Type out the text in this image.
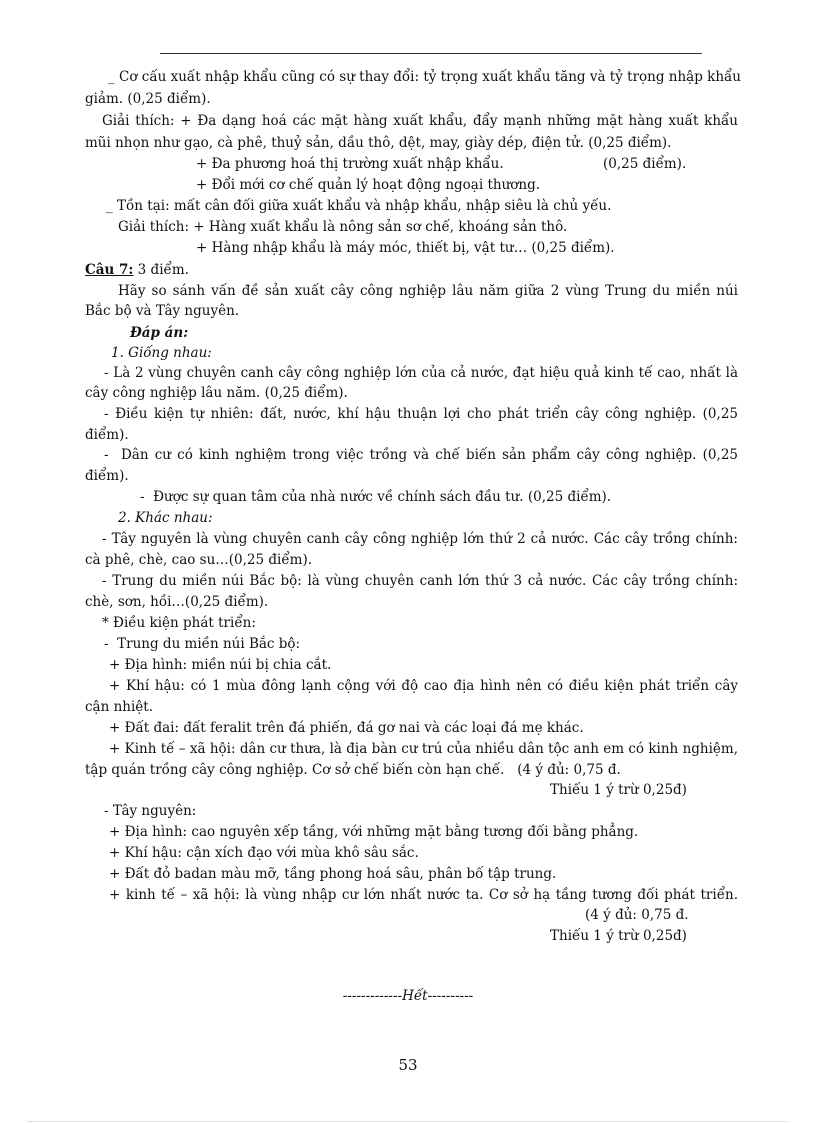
_ Cơ cấu xuất nhập khẩu cũng có sự thay đổi: tỷ trọng xuất khẩu tăng và tỷ trọng nhập khẩu
giảm. (0,25 điểm).
Giải thích: + Đa dạng hoá các mặt hàng xuất khẩu, đẩy mạnh những mặt hàng xuất khẩu
mũi nhọn như gạo, cà phê, thuỷ sản, dầu thô, dệt, may, giày dép, điện tử. (0,25 điểm).
+ Đa phương hoá thị trường xuất nhập khẩu.	(0,25 điểm).
+ Đổi mới cơ chế quản lý hoạt động ngoại thương.
_ Tồn tại: mất cân đối giữa xuất khẩu và nhập khẩu, nhập siêu là chủ yếu.
Giải thích: + Hàng xuất khẩu là nông sản sơ chế, khoáng sản thô.
+ Hàng nhập khẩu là máy móc, thiết bị, vật tư… (0,25 điểm).
Câu 7: 3 điểm.
Hãy so sánh vấn đề sản xuất cây công nghiệp lâu năm giữa 2 vùng Trung du miền núi
Bắc bộ và Tây nguyên.
Đáp án:
1. Giống nhau:
- Là 2 vùng chuyên canh cây công nghiệp lớn của cả nước, đạt hiệu quả kinh tế cao, nhất là
cây công nghiệp lâu năm. (0,25 điểm).
- Điều kiện tự nhiên: đất, nước, khí hậu thuận lợi cho phát triển cây công nghiệp. (0,25
điểm).
-  Dân cư có kinh nghiệm trong việc trồng và chế biến sản phẩm cây công nghiệp. (0,25
điểm).
-  Được sự quan tâm của nhà nước về chính sách đầu tư. (0,25 điểm).
2. Khác nhau:
- Tây nguyên là vùng chuyên canh cây công nghiệp lớn thứ 2 cả nước. Các cây trồng chính:
cà phê, chè, cao su…(0,25 điểm).
- Trung du miền núi Bắc bộ: là vùng chuyên canh lớn thứ 3 cả nước. Các cây trồng chính:
chè, sơn, hồi…(0,25 điểm).
* Điều kiện phát triển:
-  Trung du miền núi Bắc bộ:
+ Địa hình: miền núi bị chia cắt.
+ Khí hậu: có 1 mùa đông lạnh cộng với độ cao địa hình nên có điều kiện phát triển cây
cận nhiệt.
+ Đất đai: đất feralit trên đá phiến, đá gơ nai và các loại đá mẹ khác.
+ Kinh tế – xã hội: dân cư thưa, là địa bàn cư trú của nhiều dân tộc anh em có kinh nghiệm,
tập quán trồng cây công nghiệp. Cơ sở chế biến còn hạn chế.   (4 ý đủ: 0,75 đ.
Thiếu 1 ý trừ 0,25đ)
- Tây nguyên:
+ Địa hình: cao nguyên xếp tầng, với những mặt bằng tương đối bằng phẳng.
+ Khí hậu: cận xích đạo với mùa khô sâu sắc.
+ Đất đỏ badan màu mỡ, tầng phong hoá sâu, phân bố tập trung.
+ kinh tế – xã hội: là vùng nhập cư lớn nhất nước ta. Cơ sở hạ tầng tương đối phát triển.
(4 ý đủ: 0,75 đ.
Thiếu 1 ý trừ 0,25đ)
-------------Hết----------
53
